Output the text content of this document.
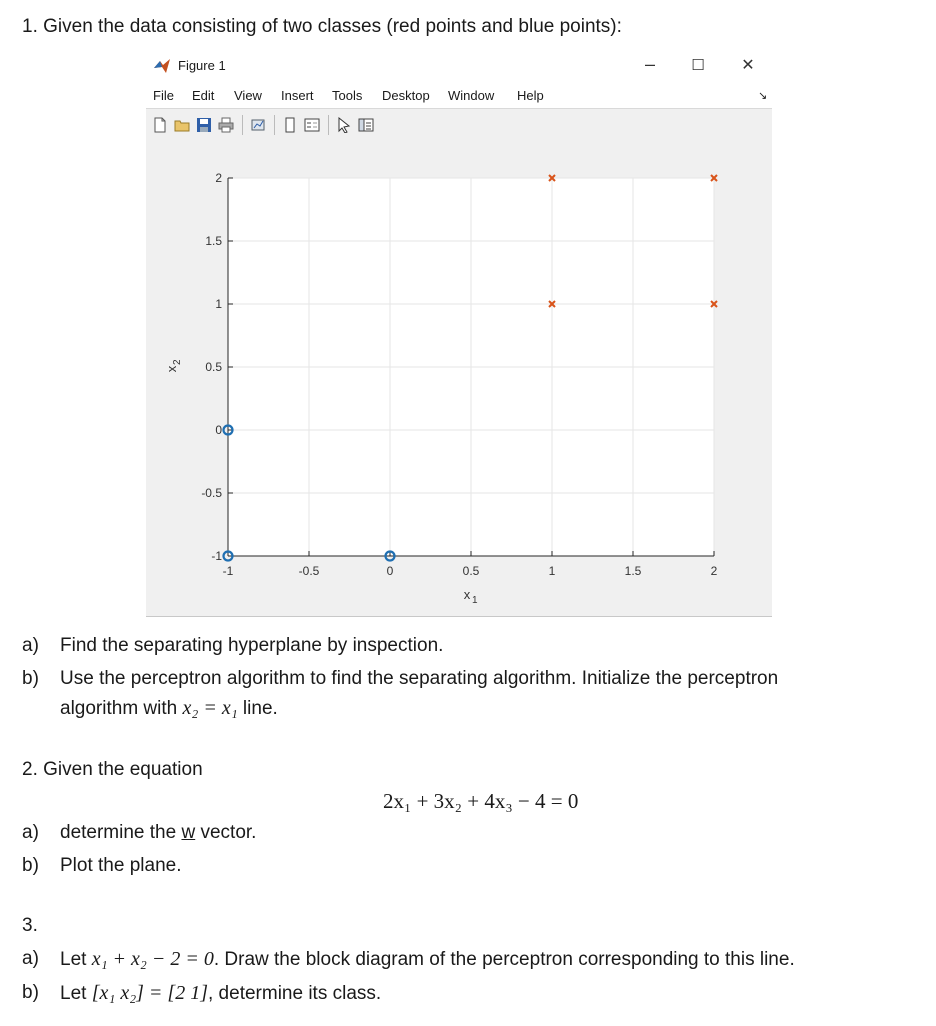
1. Given the data consisting of two classes (red points and blue points):
Figure 1	–	☐	✕
File Edit View Insert Tools Desktop Window Help	↘
-1	-0.5	0	0.5	1	1.5	2
-1
-0.5
0
0.5
1
1.5
2
x 1
x
2
a) Find the separating hyperplane by inspection.
b) Use the perceptron algorithm to find the separating algorithm. Initialize the perceptron
algorithm with x₂ = x₁ line.
2. Given the equation
2x₁ + 3x₂ + 4x₃ − 4 = 0
a) determine the w vector.
b) Plot the plane.
3.
a) Let x₁ + x₂ − 2 = 0. Draw the block diagram of the perceptron corresponding to this line.
b) Let [x₁ x₂] = [2 1], determine its class.
